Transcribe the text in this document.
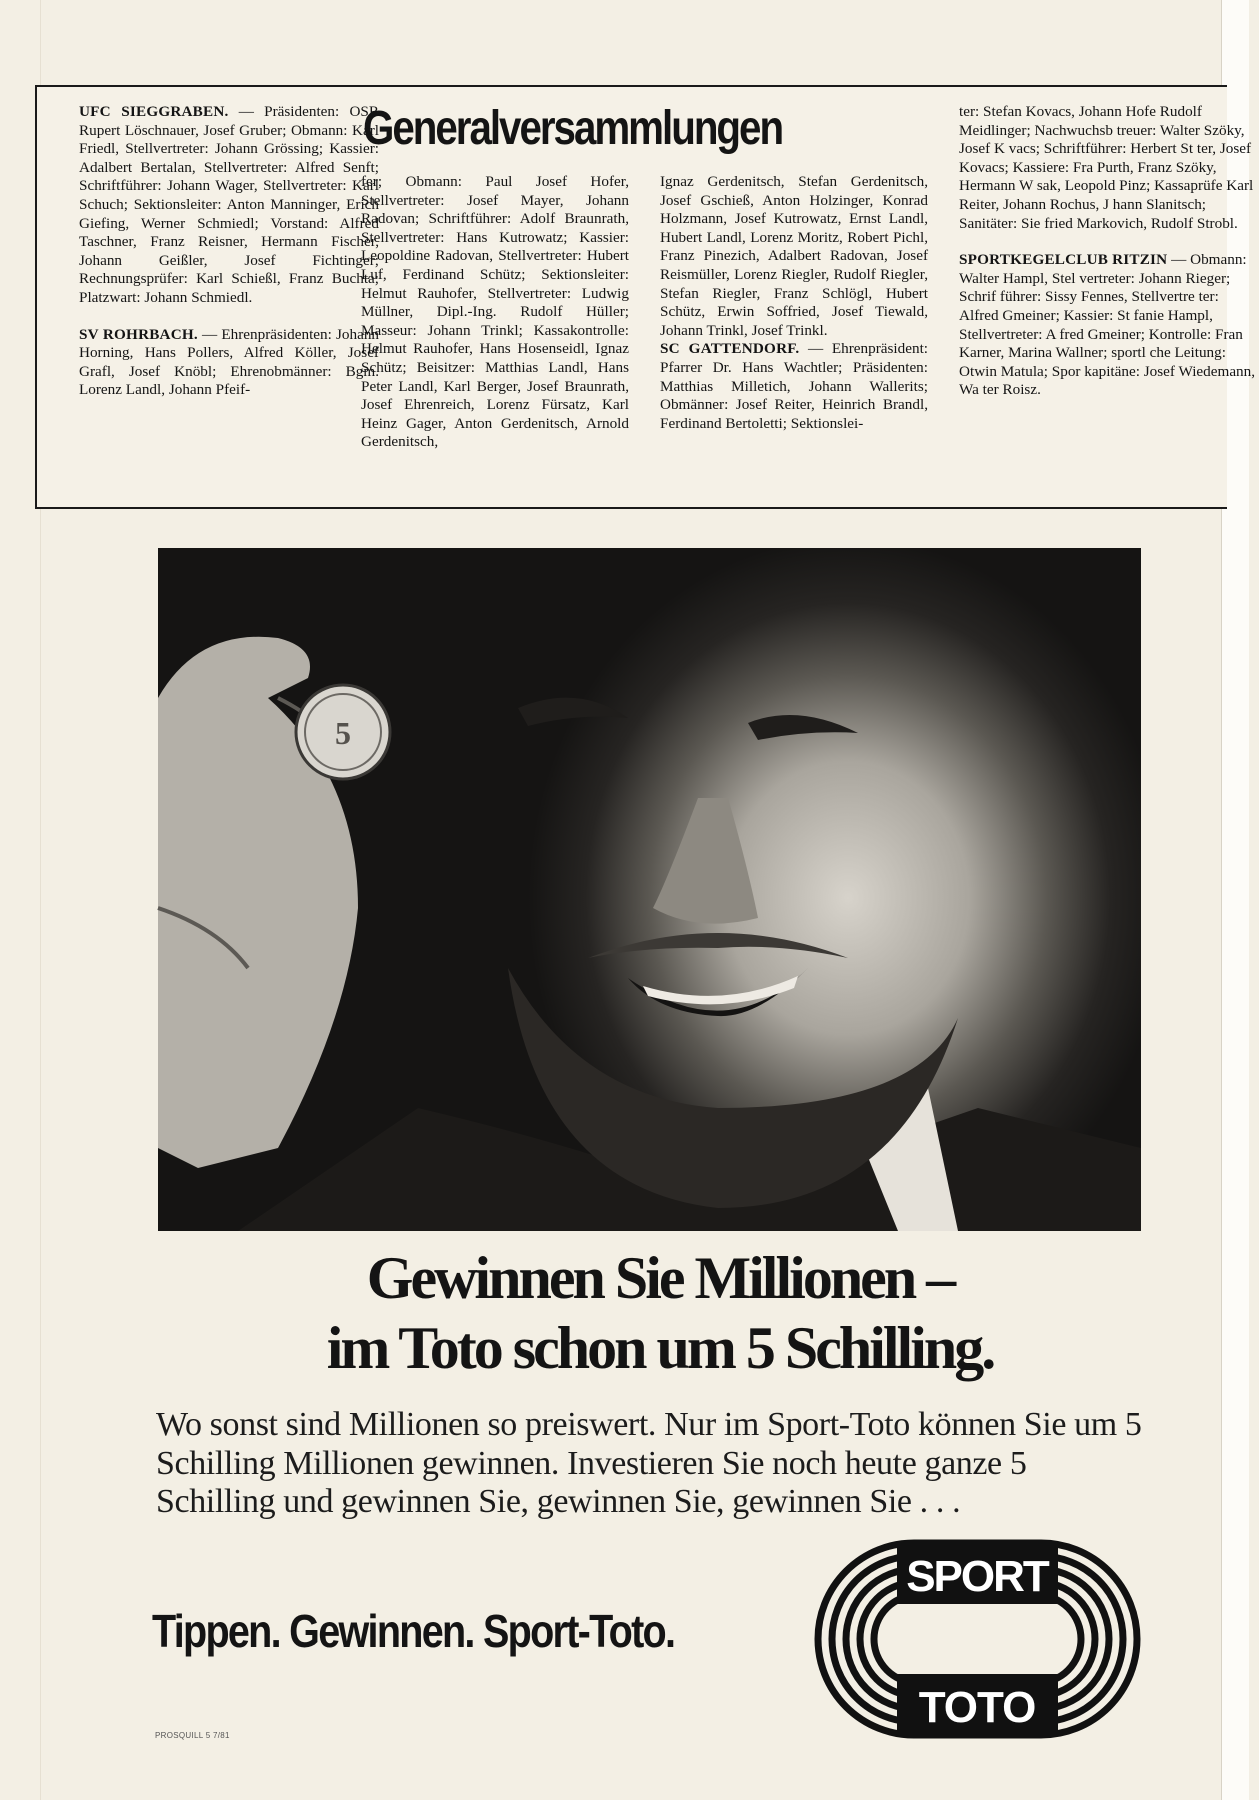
UFC SIEGGRABEN. — Präsidenten: OSR Rupert Löschnauer, Josef Gruber; Obmann: Karl Friedl, Stellvertreter: Johann Grössing; Kassier: Adalbert Bertalan, Stellvertreter: Alfred Senft; Schriftführer: Johann Wager, Stellvertreter: Karl Schuch; Sektionsleiter: Anton Manninger, Erich Giefing, Werner Schmiedl; Vorstand: Alfred Taschner, Franz Reisner, Hermann Fischer, Johann Geißler, Josef Fichtinger; Rechnungsprüfer: Karl Schießl, Franz Buchta; Platzwart: Johann Schmiedl.

SV ROHRBACH. — Ehrenpräsidenten: Johann Horning, Hans Pollers, Alfred Köller, Josef Grafl, Josef Knöbl; Ehrenobmänner: Bgm. Lorenz Landl, Johann Pfeif-

Generalversammlungen

fer; Obmann: Paul Josef Hofer, Stellvertreter: Josef Mayer, Johann Radovan; Schriftführer: Adolf Braunrath, Stellvertreter: Hans Kutrowatz; Kassier: Leopoldine Radovan, Stellvertreter: Hubert Luf, Ferdinand Schütz; Sektionsleiter: Helmut Rauhofer, Stellvertreter: Ludwig Müllner, Dipl.-Ing. Rudolf Hüller; Masseur: Johann Trinkl; Kassakontrolle: Helmut Rauhofer, Hans Hosenseidl, Ignaz Schütz; Beisitzer: Matthias Landl, Hans Peter Landl, Karl Berger, Josef Braunrath, Josef Ehrenreich, Lorenz Fürsatz, Karl Heinz Gager, Anton Gerdenitsch, Arnold Gerdenitsch,

Ignaz Gerdenitsch, Stefan Gerdenitsch, Josef Gschieß, Anton Holzinger, Konrad Holzmann, Josef Kutrowatz, Ernst Landl, Hubert Landl, Lorenz Moritz, Robert Pichl, Franz Pinezich, Adalbert Radovan, Josef Reismüller, Lorenz Riegler, Rudolf Riegler, Stefan Riegler, Franz Schlögl, Hubert Schütz, Erwin Soffried, Josef Tiewald, Johann Trinkl, Josef Trinkl.

SC GATTENDORF. — Ehrenpräsident: Pfarrer Dr. Hans Wachtler; Präsidenten: Matthias Milletich, Johann Wallerits; Obmänner: Josef Reiter, Heinrich Brandl, Ferdinand Bertoletti; Sektionslei-

ter: Stefan Kovacs, Johann Hofe Rudolf Meidlinger; Nachwuchsb treuer: Walter Szöky, Josef K vacs; Schriftführer: Herbert St ter, Josef Kovacs; Kassiere: Fra Purth, Franz Szöky, Hermann W sak, Leopold Pinz; Kassaprüfe Karl Reiter, Johann Rochus, J hann Slanitsch; Sanitäter: Sie fried Markovich, Rudolf Strobl.

SPORTKEGELCLUB RITZIN — Obmann: Walter Hampl, Stel vertreter: Johann Rieger; Schrif führer: Sissy Fennes, Stellvertre ter: Alfred Gmeiner; Kassier: St fanie Hampl, Stellvertreter: A fred Gmeiner; Kontrolle: Fran Karner, Marina Wallner; sportl che Leitung: Otwin Matula; Spor kapitäne: Josef Wiedemann, Wa ter Roisz.

5
Gewinnen Sie Millionen –
im Toto schon um 5 Schilling.
Wo sonst sind Millionen so preiswert. Nur im Sport-Toto können Sie um 5 Schilling Millionen gewinnen. Investieren Sie noch heute ganze 5 Schilling und gewinnen Sie, gewinnen Sie, gewinnen Sie . . .
Tippen. Gewinnen. Sport-Toto.
SPORT
TOTO
PROSQUILL 5 7/81
